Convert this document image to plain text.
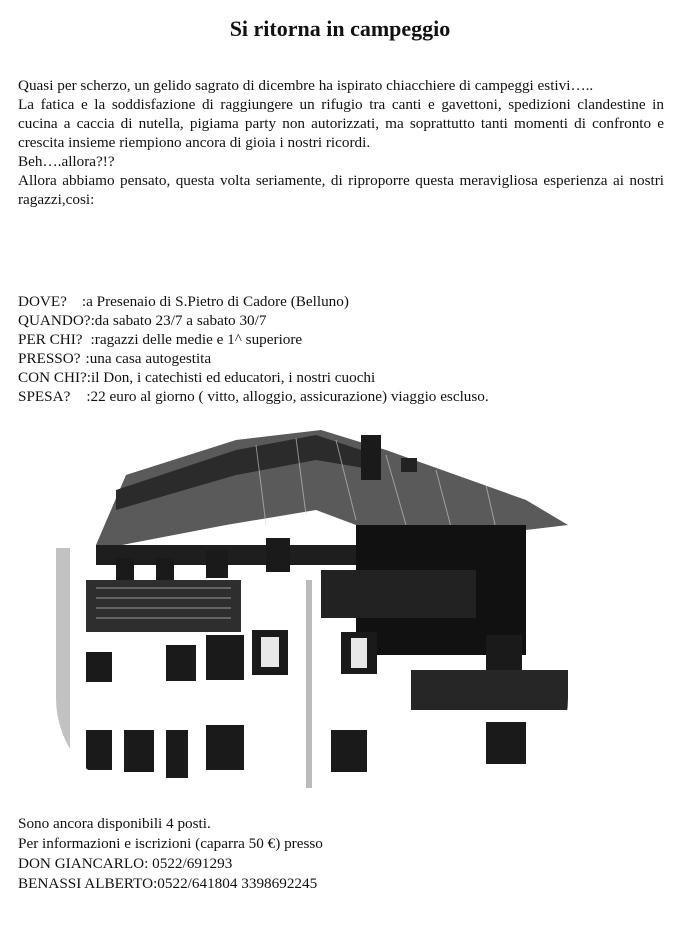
Si ritorna in campeggio

Quasi per scherzo, un gelido sagrato di dicembre ha ispirato chiacchiere di campeggi estivi…..

La fatica e la soddisfazione di raggiungere un rifugio tra canti e gavettoni, spedizioni clandestine in cucina a caccia di nutella, pigiama party non autorizzati, ma soprattutto tanti momenti di confronto e crescita insieme riempiono ancora di gioia i nostri ricordi.

Beh….allora?!?

Allora abbiamo pensato, questa volta seriamente, di riproporre questa meravigliosa esperienza ai nostri ragazzi,cosi:

DOVE? :a Presenaio di S.Pietro di Cadore (Belluno)
QUANDO?:da sabato 23/7 a sabato 30/7
PER CHI? :ragazzi delle medie e 1^ superiore
PRESSO? :una casa autogestita
CON CHI?:il Don, i catechisti ed educatori, i nostri cuochi
SPESA? :22 euro al giorno ( vitto, alloggio, assicurazione) viaggio escluso.
Sono ancora disponibili 4 posti.
Per informazioni e iscrizioni (caparra 50 €) presso
DON GIANCARLO: 0522/691293
BENASSI ALBERTO:0522/641804 3398692245
